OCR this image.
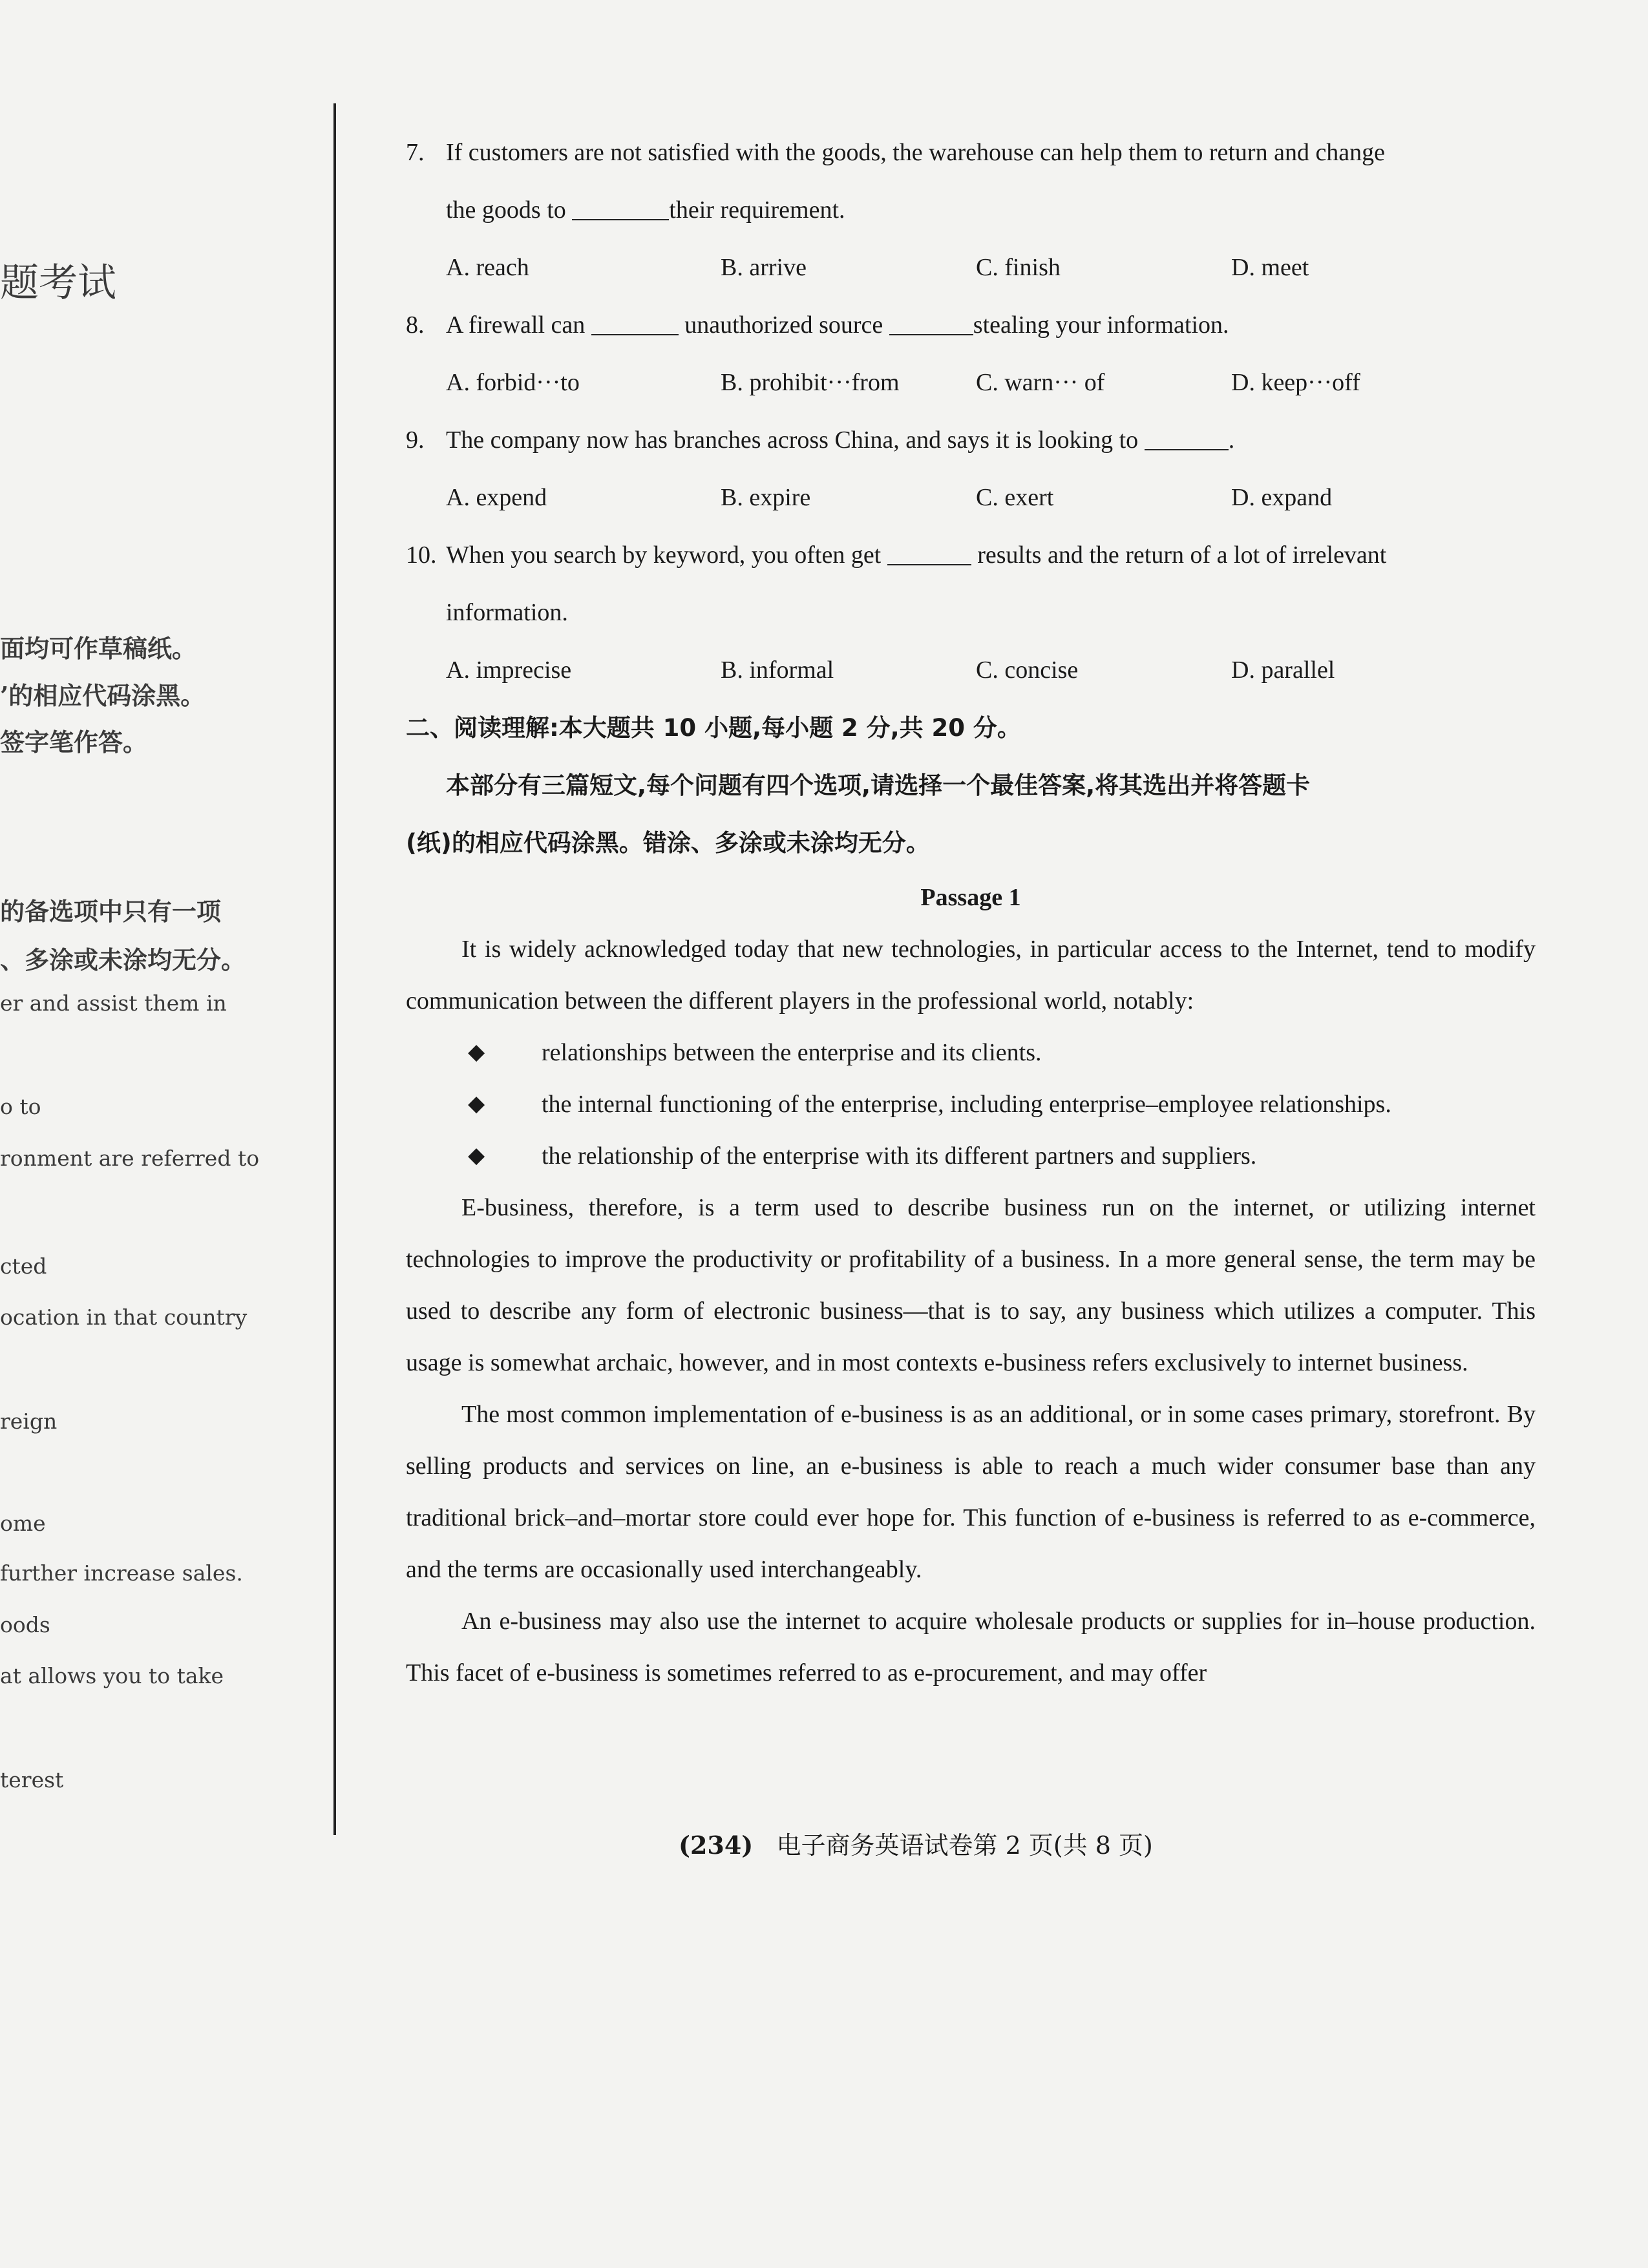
题考试
面均可作草稿纸。
’的相应代码涂黑。
签字笔作答。
的备选项中只有一项
、多涂或未涂均无分。
er and assist them in
o to
ronment are referred to
cted
ocation in that country
reign
ome
further increase sales.
oods
at allows you to take
terest
7. If customers are not satisfied with the goods, the warehouse can help them to return and change
the goods to	their requirement.
A. reach	B. arrive	C. finish	D. meet
8. A firewall can	unauthorized source	stealing your information.
A. forbid···to	B. prohibit···from	C. warn··· of	D. keep···off
9. The company now has branches across China, and says it is looking to	.
A. expend	B. expire	C. exert	D. expand
10. When you search by keyword, you often get	results and the return of a lot of irrelevant
information.
A. imprecise	B. informal	C. concise	D. parallel
二、阅读理解:本大题共 10 小题,每小题 2 分,共 20 分。
本部分有三篇短文,每个问题有四个选项,请选择一个最佳答案,将其选出并将答题卡
(纸)的相应代码涂黑。错涂、多涂或未涂均无分。
Passage 1
It is widely acknowledged today that new technologies, in particular access to the Internet, tend to modify communication between the different players in the professional world, notably:
◆ relationships between the enterprise and its clients.
◆ the internal functioning of the enterprise, including enterprise–employee relationships.
◆ the relationship of the enterprise with its different partners and suppliers.
E-business, therefore, is a term used to describe business run on the internet, or utilizing internet technologies to improve the productivity or profitability of a business. In a more general sense, the term may be used to describe any form of electronic business—that is to say, any business which utilizes a computer. This usage is somewhat archaic, however, and in most contexts e-business refers exclusively to internet business.
The most common implementation of e-business is as an additional, or in some cases primary, storefront. By selling products and services on line, an e-business is able to reach a much wider consumer base than any traditional brick–and–mortar store could ever hope for. This function of e-business is referred to as e-commerce, and the terms are occasionally used interchangeably.
An e-business may also use the internet to acquire wholesale products or supplies for in–house production. This facet of e-business is sometimes referred to as e-procurement, and may offer
(234) 电子商务英语试卷第 2 页(共 8 页)
